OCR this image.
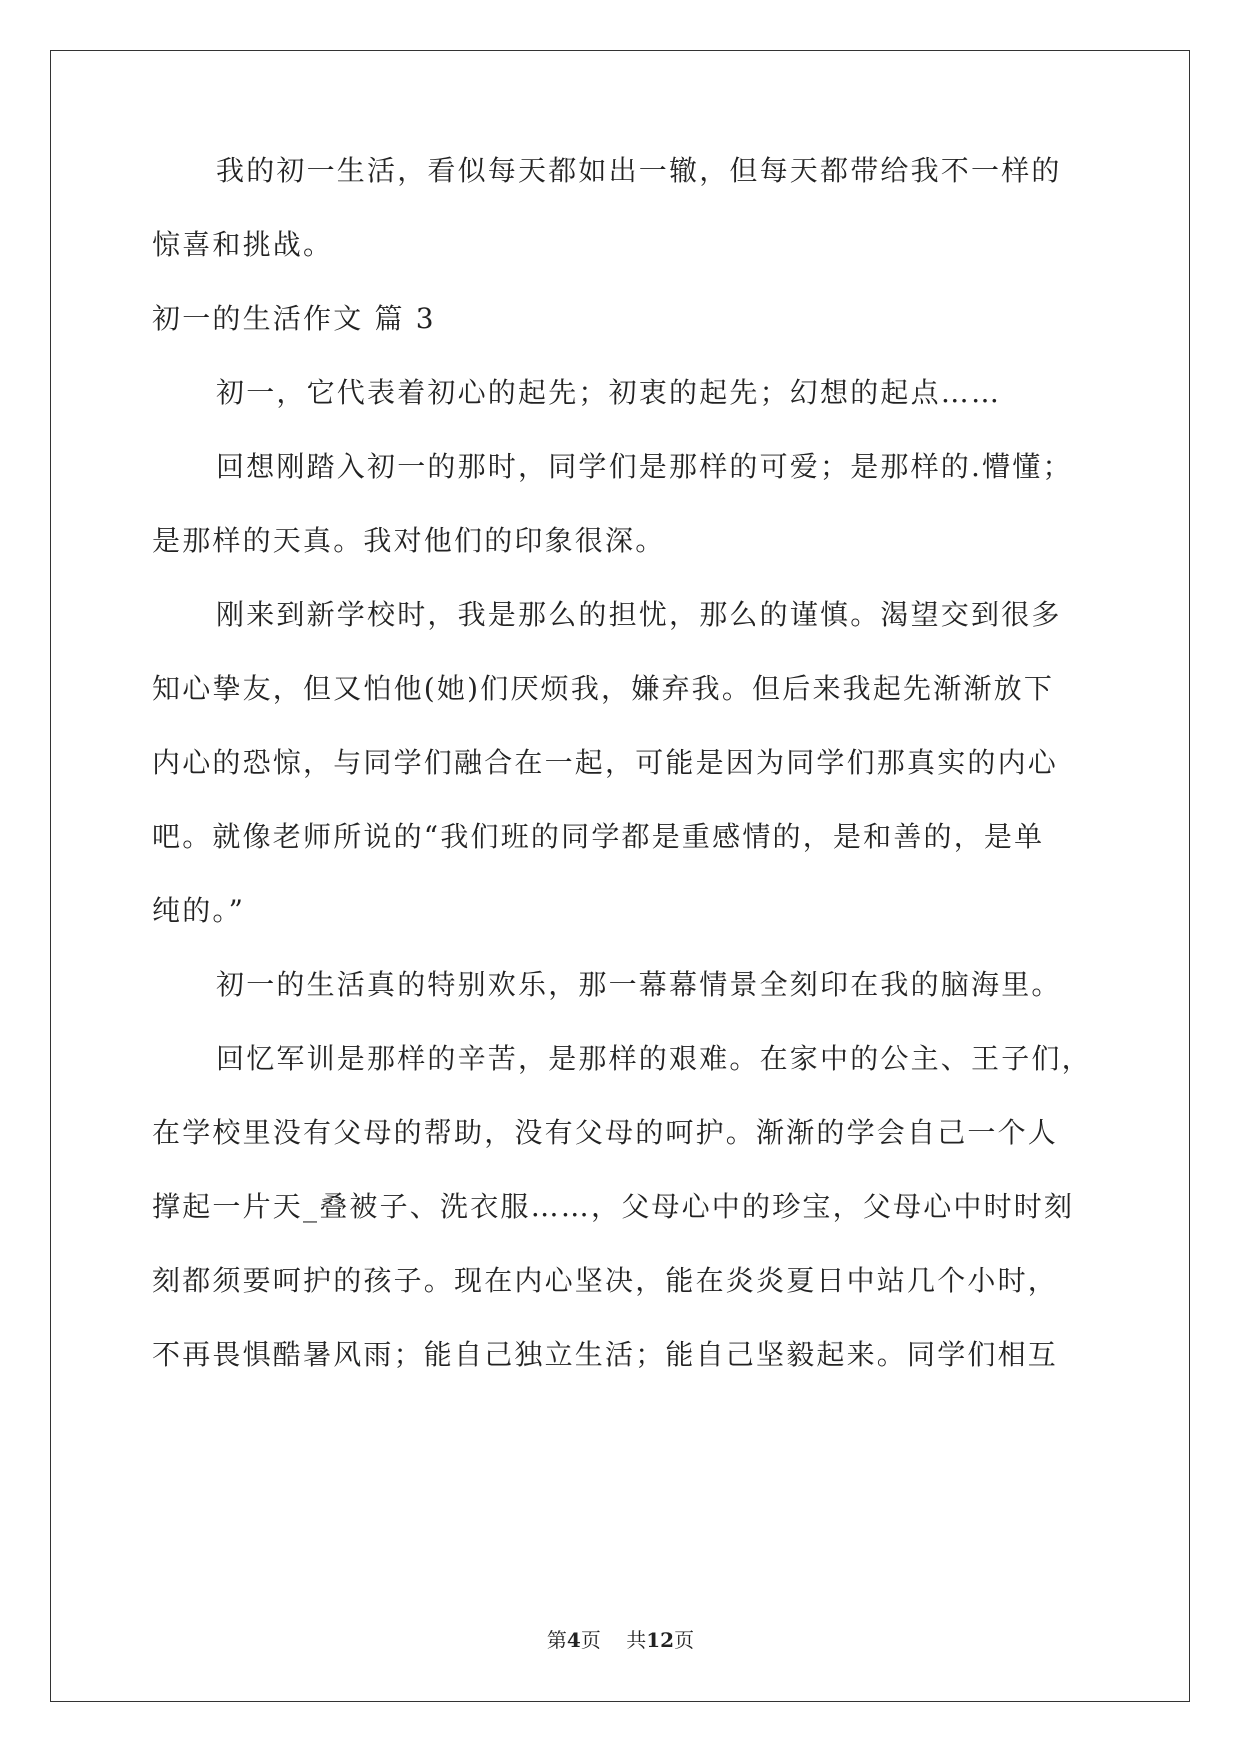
我的初一生活，看似每天都如出一辙，但每天都带给我不一样的

惊喜和挑战。

初一的生活作文 篇 3

初一，它代表着初心的起先；初衷的起先；幻想的起点……

回想刚踏入初一的那时，同学们是那样的可爱；是那样的.懵懂；

是那样的天真。我对他们的印象很深。

刚来到新学校时，我是那么的担忧，那么的谨慎。渴望交到很多

知心挚友，但又怕他(她)们厌烦我，嫌弃我。但后来我起先渐渐放下

内心的恐惊，与同学们融合在一起，可能是因为同学们那真实的内心

吧。就像老师所说的“我们班的同学都是重感情的，是和善的，是单

纯的。”

初一的生活真的特别欢乐，那一幕幕情景全刻印在我的脑海里。

回忆军训是那样的辛苦，是那样的艰难。在家中的公主、王子们，

在学校里没有父母的帮助，没有父母的呵护。渐渐的学会自己一个人

撑起一片天_叠被子、洗衣服……，父母心中的珍宝，父母心中时时刻

刻都须要呵护的孩子。现在内心坚决，能在炎炎夏日中站几个小时，

不再畏惧酷暑风雨；能自己独立生活；能自己坚毅起来。同学们相互

第4页 共12页
